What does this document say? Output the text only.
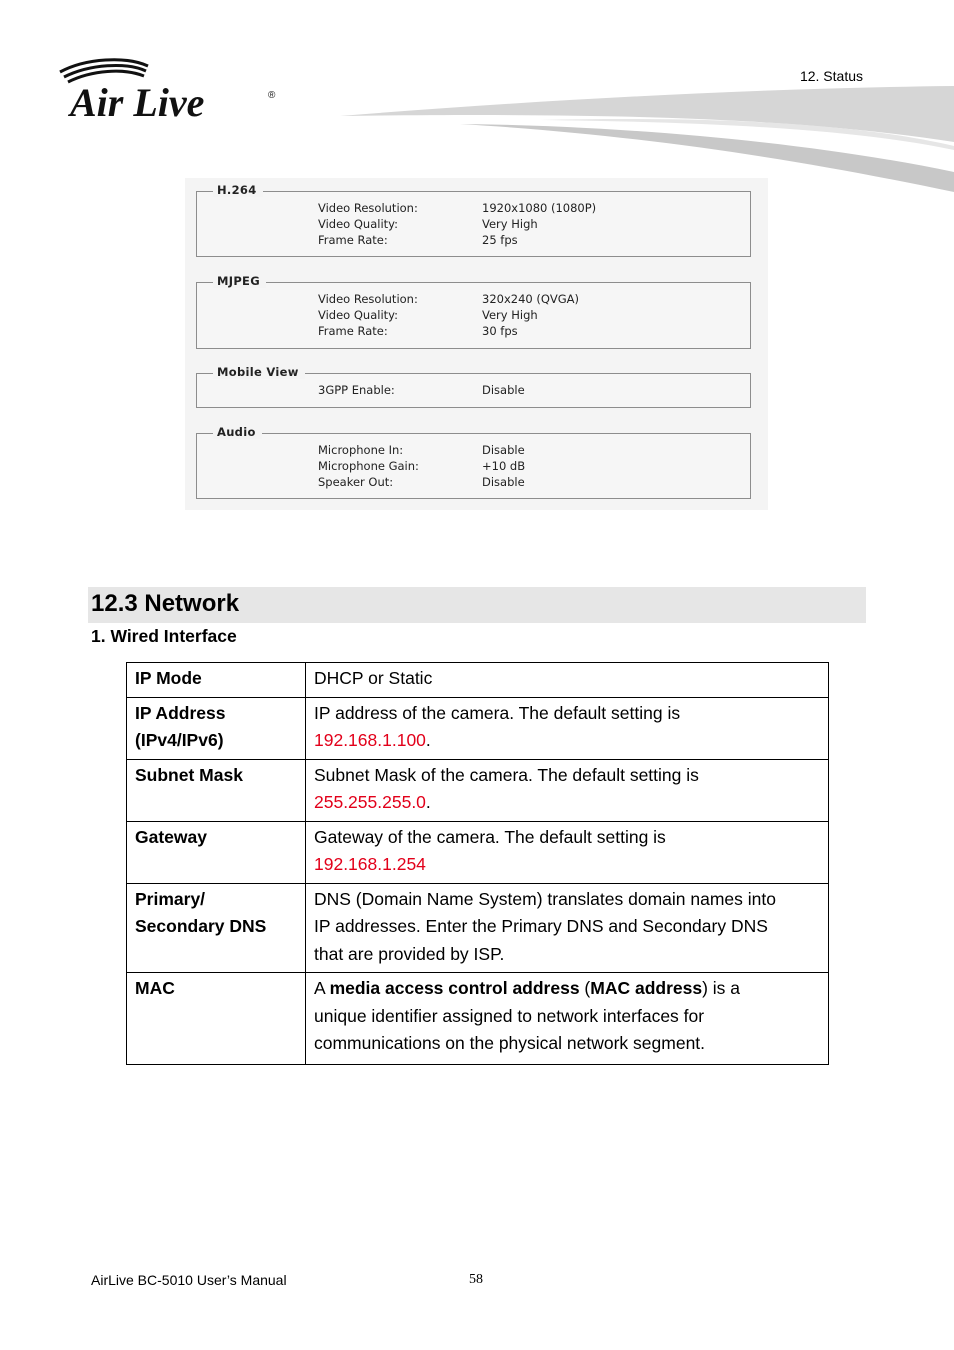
12. Status
Air Live	®
H.264
Video Resolution:	1920x1080 (1080P)
Video Quality:	Very High
Frame Rate:	25 fps
MJPEG
Video Resolution:	320x240 (QVGA)
Video Quality:	Very High
Frame Rate:	30 fps
Mobile View
3GPP Enable:	Disable
Audio
Microphone In:	Disable
Microphone Gain:	+10 dB
Speaker Out:	Disable
12.3 Network
1. Wired Interface
IP Mode	DHCP or Static
IP Address
(IPv4/IPv6)	IP address of the camera. The default setting is
192.168.1.100.
Subnet Mask	Subnet Mask of the camera. The default setting is
255.255.255.0.
Gateway	Gateway of the camera. The default setting is
192.168.1.254
Primary/
Secondary DNS	DNS (Domain Name System) translates domain names into
IP addresses. Enter the Primary DNS and Secondary DNS
that are provided by ISP.
MAC	A media access control address (MAC address) is a
unique identifier assigned to network interfaces for
communications on the physical network segment.
AirLive BC-5010 User’s Manual	58
